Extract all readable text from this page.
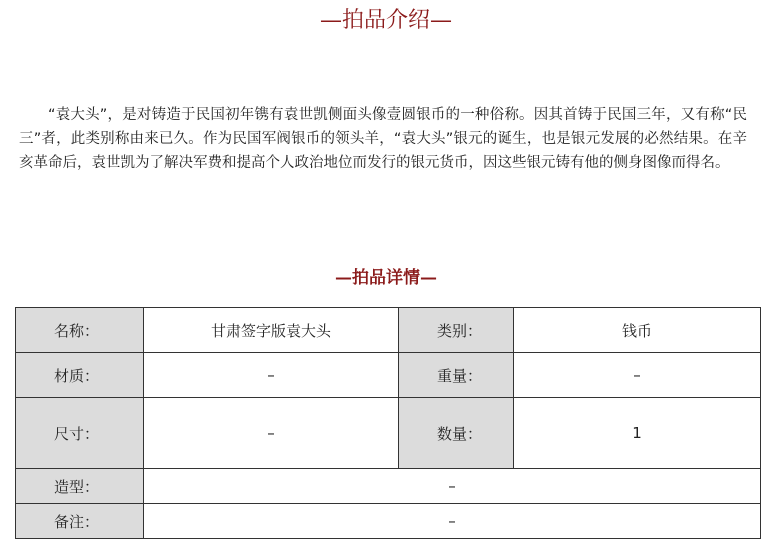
—拍品介绍—

“袁大头”，是对铸造于民国初年镌有袁世凯侧面头像壹圆银币的一种俗称。因其首铸于民国三年，又有称“民三”者，此类别称由来已久。作为民国军阀银币的领头羊，“袁大头”银元的诞生，也是银元发展的必然结果。在辛亥革命后，袁世凯为了解决军费和提高个人政治地位而发行的银元货币，因这些银元铸有他的侧身图像而得名。

—拍品详情—
名称：	甘肃签字版袁大头	类别：	钱币
材质：	–	重量：	–
尺寸：	–	数量：	1
造型：	–		
备注：	–		
